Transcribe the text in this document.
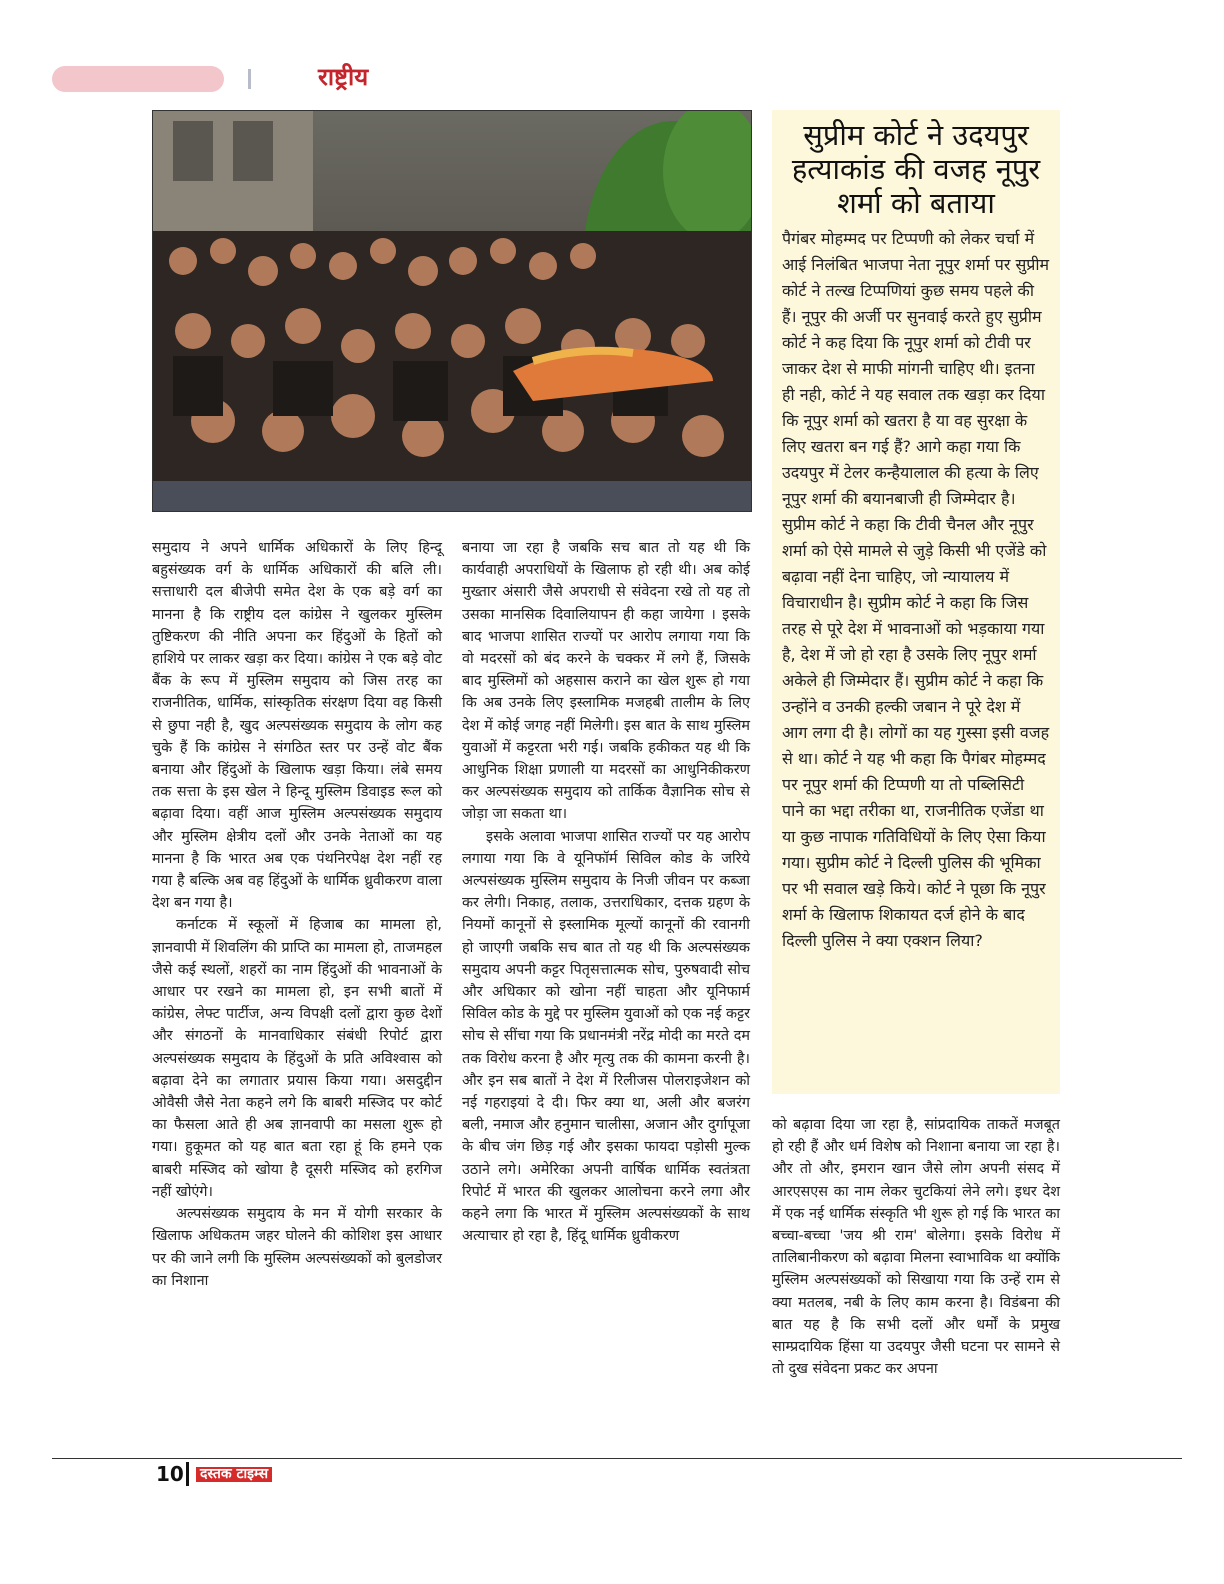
राष्ट्रीय
सुप्रीम कोर्ट ने उदयपुर हत्याकांड की वजह नूपुर शर्मा को बताया

पैगंबर मोहम्मद पर टिप्पणी को लेकर चर्चा में आई निलंबित भाजपा नेता नूपुर शर्मा पर सुप्रीम कोर्ट ने तल्ख टिप्पणियां कुछ समय पहले की हैं। नूपुर की अर्जी पर सुनवाई करते हुए सुप्रीम कोर्ट ने कह दिया कि नूपुर शर्मा को टीवी पर जाकर देश से माफी मांगनी चाहिए थी। इतना ही नही, कोर्ट ने यह सवाल तक खड़ा कर दिया कि नूपुर शर्मा को खतरा है या वह सुरक्षा के लिए खतरा बन गई हैं? आगे कहा गया कि उदयपुर में टेलर कन्हैयालाल की हत्या के लिए नूपुर शर्मा की बयानबाजी ही जिम्मेदार है। सुप्रीम कोर्ट ने कहा कि टीवी चैनल और नूपुर शर्मा को ऐसे मामले से जुड़े किसी भी एजेंडे को बढ़ावा नहीं देना चाहिए, जो न्यायालय में विचाराधीन है। सुप्रीम कोर्ट ने कहा कि जिस तरह से पूरे देश में भावनाओं को भड़काया गया है, देश में जो हो रहा है उसके लिए नूपुर शर्मा अकेले ही जिम्मेदार हैं। सुप्रीम कोर्ट ने कहा कि उन्होंने व उनकी हल्की जबान ने पूरे देश में आग लगा दी है। लोगों का यह गुस्सा इसी वजह से था। कोर्ट ने यह भी कहा कि पैगंबर मोहम्मद पर नूपुर शर्मा की टिप्पणी या तो पब्लिसिटी पाने का भद्दा तरीका था, राजनीतिक एजेंडा था या कुछ नापाक गतिविधियों के लिए ऐसा किया गया। सुप्रीम कोर्ट ने दिल्ली पुलिस की भूमिका पर भी सवाल खड़े किये। कोर्ट ने पूछा कि नूपुर शर्मा के खिलाफ शिकायत दर्ज होने के बाद दिल्ली पुलिस ने क्या एक्शन लिया?

समुदाय ने अपने धार्मिक अधिकारों के लिए हिन्दू बहुसंख्यक वर्ग के धार्मिक अधिकारों की बलि ली। सत्ताधारी दल बीजेपी समेत देश के एक बड़े वर्ग का मानना है कि राष्ट्रीय दल कांग्रेस ने खुलकर मुस्लिम तुष्टिकरण की नीति अपना कर हिंदुओं के हितों को हाशिये पर लाकर खड़ा कर दिया। कांग्रेस ने एक बड़े वोट बैंक के रूप में मुस्लिम समुदाय को जिस तरह का राजनीतिक, धार्मिक, सांस्कृतिक संरक्षण दिया वह किसी से छुपा नही है, खुद अल्पसंख्यक समुदाय के लोग कह चुके हैं कि कांग्रेस ने संगठित स्तर पर उन्हें वोट बैंक बनाया और हिंदुओं के खिलाफ खड़ा किया। लंबे समय तक सत्ता के इस खेल ने हिन्दू मुस्लिम डिवाइड रूल को बढ़ावा दिया। वहीं आज मुस्लिम अल्पसंख्यक समुदाय और मुस्लिम क्षेत्रीय दलों और उनके नेताओं का यह मानना है कि भारत अब एक पंथनिरपेक्ष देश नहीं रह गया है बल्कि अब वह हिंदुओं के धार्मिक ध्रुवीकरण वाला देश बन गया है।

कर्नाटक में स्कूलों में हिजाब का मामला हो, ज्ञानवापी में शिवलिंग की प्राप्ति का मामला हो, ताजमहल जैसे कई स्थलों, शहरों का नाम हिंदुओं की भावनाओं के आधार पर रखने का मामला हो, इन सभी बातों में कांग्रेस, लेफ्ट पार्टीज, अन्य विपक्षी दलों द्वारा कुछ देशों और संगठनों के मानवाधिकार संबंधी रिपोर्ट द्वारा अल्पसंख्यक समुदाय के हिंदुओं के प्रति अविश्वास को बढ़ावा देने का लगातार प्रयास किया गया। असदुद्दीन ओवैसी जैसे नेता कहने लगे कि बाबरी मस्जिद पर कोर्ट का फैसला आते ही अब ज्ञानवापी का मसला शुरू हो गया। हुकूमत को यह बात बता रहा हूं कि हमने एक बाबरी मस्जिद को खोया है दूसरी मस्जिद को हरगिज नहीं खोएंगे।

अल्पसंख्यक समुदाय के मन में योगी सरकार के खिलाफ अधिकतम जहर घोलने की कोशिश इस आधार पर की जाने लगी कि मुस्लिम अल्पसंख्यकों को बुलडोजर का निशाना

बनाया जा रहा है जबकि सच बात तो यह थी कि कार्यवाही अपराधियों के खिलाफ हो रही थी। अब कोई मुख्तार अंसारी जैसे अपराधी से संवेदना रखे तो यह तो उसका मानसिक दिवालियापन ही कहा जायेगा । इसके बाद भाजपा शासित राज्यों पर आरोप लगाया गया कि वो मदरसों को बंद करने के चक्कर में लगे हैं, जिसके बाद मुस्लिमों को अहसास कराने का खेल शुरू हो गया कि अब उनके लिए इस्लामिक मजहबी तालीम के लिए देश में कोई जगह नहीं मिलेगी। इस बात के साथ मुस्लिम युवाओं में कट्टरता भरी गई। जबकि हकीकत यह थी कि आधुनिक शिक्षा प्रणाली या मदरसों का आधुनिकीकरण कर अल्पसंख्यक समुदाय को तार्किक वैज्ञानिक सोच से जोड़ा जा सकता था।

इसके अलावा भाजपा शासित राज्यों पर यह आरोप लगाया गया कि वे यूनिफॉर्म सिविल कोड के जरिये अल्पसंख्यक मुस्लिम समुदाय के निजी जीवन पर कब्जा कर लेगी। निकाह, तलाक, उत्तराधिकार, दत्तक ग्रहण के नियमों कानूनों से इस्लामिक मूल्यों कानूनों की रवानगी हो जाएगी जबकि सच बात तो यह थी कि अल्पसंख्यक समुदाय अपनी कट्टर पितृसत्तात्मक सोच, पुरुषवादी सोच और अधिकार को खोना नहीं चाहता और यूनिफार्म सिविल कोड के मुद्दे पर मुस्लिम युवाओं को एक नई कट्टर सोच से सींचा गया कि प्रधानमंत्री नरेंद्र मोदी का मरते दम तक विरोध करना है और मृत्यु तक की कामना करनी है। और इन सब बातों ने देश में रिलीजस पोलराइजेशन को नई गहराइयां दे दी। फिर क्या था, अली और बजरंग बली, नमाज और हनुमान चालीसा, अजान और दुर्गापूजा के बीच जंग छिड़ गई और इसका फायदा पड़ोसी मुल्क उठाने लगे। अमेरिका अपनी वार्षिक धार्मिक स्वतंत्रता रिपोर्ट में भारत की खुलकर आलोचना करने लगा और कहने लगा कि भारत में मुस्लिम अल्पसंख्यकों के साथ अत्याचार हो रहा है, हिंदू धार्मिक ध्रुवीकरण

को बढ़ावा दिया जा रहा है, सांप्रदायिक ताकतें मजबूत हो रही हैं और धर्म विशेष को निशाना बनाया जा रहा है। और तो और, इमरान खान जैसे लोग अपनी संसद में आरएसएस का नाम लेकर चुटकियां लेने लगे। इधर देश में एक नई धार्मिक संस्कृति भी शुरू हो गई कि भारत का बच्चा-बच्चा 'जय श्री राम' बोलेगा। इसके विरोध में तालिबानीकरण को बढ़ावा मिलना स्वाभाविक था क्योंकि मुस्लिम अल्पसंख्यकों को सिखाया गया कि उन्हें राम से क्या मतलब, नबी के लिए काम करना है। विडंबना की बात यह है कि सभी दलों और धर्मों के प्रमुख साम्प्रदायिक हिंसा या उदयपुर जैसी घटना पर सामने से तो दुख संवेदना प्रकट कर अपना

10 दस्तक टाइम्स
